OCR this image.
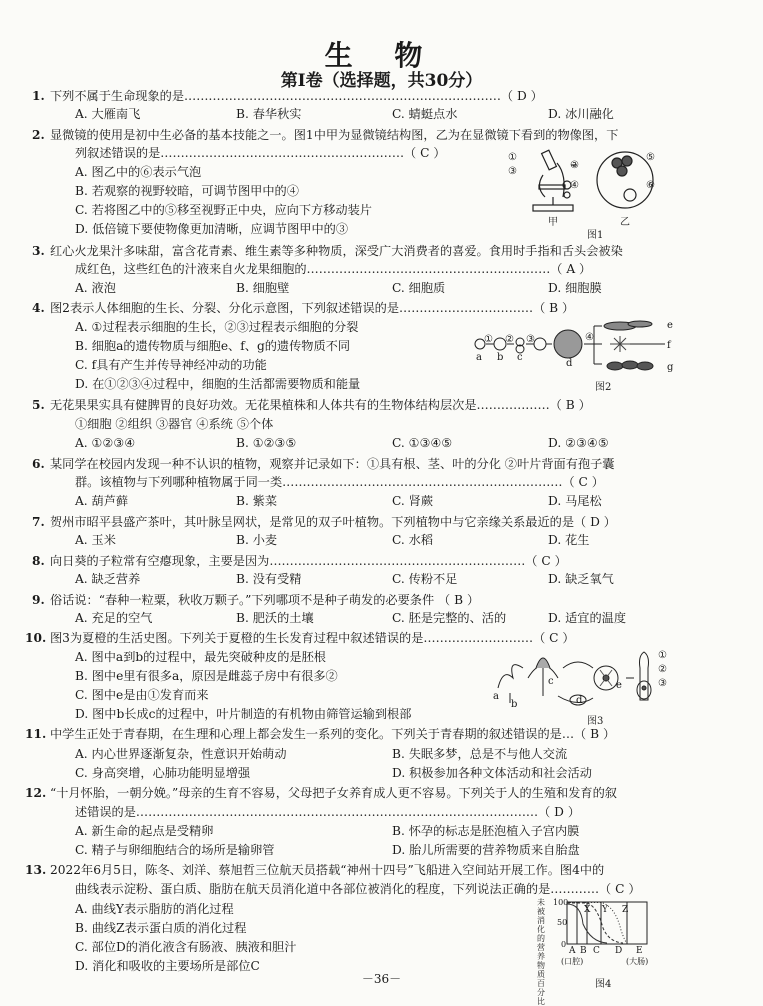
生 物
第Ⅰ卷（选择题，共30分）
1. 下列不属于生命现象的是……………………………………………………………………（ D ）
A. 大雁南飞	B. 春华秋实	C. 蜻蜓点水	D. 冰川融化
2. 显微镜的使用是初中生必备的基本技能之一。图1中甲为显微镜结构图，乙为在显微镜下看到的物像图，下
列叙述错误的是……………………………………………………（ C ）
A. 图乙中的⑥表示气泡
B. 若观察的视野较暗，可调节图甲中的④
C. 若将图乙中的⑤移至视野正中央，应向下方移动装片
D. 低倍镜下要使物像更加清晰，应调节图甲中的③
①
②
③
④
⑤
⑥
甲	乙
图1
3. 红心火龙果汁多味甜，富含花青素、维生素等多种物质，深受广大消费者的喜爱。食用时手指和舌头会被染
成红色，这些红色的汁液来自火龙果细胞的……………………………………………………（ A ）
A. 液泡	B. 细胞壁	C. 细胞质	D. 细胞膜
4. 图2表示人体细胞的生长、分裂、分化示意图，下列叙述错误的是……………………………（ B ）
A. ①过程表示细胞的生长，②③过程表示细胞的分裂
B. 细胞a的遗传物质与细胞e、f、g的遗传物质不同
C. f具有产生并传导神经冲动的功能
D. 在①②③④过程中，细胞的生活都需要物质和能量
a b c
d
e
f
g
① ② ③	④
图2
5. 无花果果实具有健脾胃的良好功效。无花果植株和人体共有的生物体结构层次是………………（ B ）
①细胞 ②组织 ③器官 ④系统 ⑤个体
A. ①②③④	B. ①②③⑤	C. ①③④⑤	D. ②③④⑤
6. 某同学在校园内发现一种不认识的植物，观察并记录如下：①具有根、茎、叶的分化 ②叶片背面有孢子囊
群。该植物与下列哪种植物属于同一类……………………………………………………………（ C ）
A. 葫芦藓	B. 紫菜	C. 肾蕨	D. 马尾松
7. 贺州市昭平县盛产茶叶，其叶脉呈网状，是常见的双子叶植物。下列植物中与它亲缘关系最近的是（ D ）
A. 玉米	B. 小麦	C. 水稻	D. 花生
8. 向日葵的子粒常有空瘪现象，主要是因为………………………………………………………（ C ）
A. 缺乏营养	B. 没有受精	C. 传粉不足	D. 缺乏氧气
9. 俗话说：“春种一粒粟，秋收万颗子。”下列哪项不是种子萌发的必要条件 （ B ）
A. 充足的空气	B. 肥沃的土壤	C. 胚是完整的、活的	D. 适宜的温度
10. 图3为夏橙的生活史图。下列关于夏橙的生长发育过程中叙述错误的是………………………（ C ）
A. 图中a到b的过程中，最先突破种皮的是胚根
B. 图中e里有很多a，原因是雌蕊子房中有很多②
C. 图中e是由①发育而来
D. 图中b长成c的过程中，叶片制造的有机物由筛管运输到根部
a
b
c
d
e
①
②
③
图3
11. 中学生正处于青春期，在生理和心理上都会发生一系列的变化。下列关于青春期的叙述错误的是…（ B ）
A. 内心世界逐渐复杂，性意识开始萌动	B. 失眠多梦，总是不与他人交流
C. 身高突增，心肺功能明显增强	D. 积极参加各种文体活动和社会活动
12. “十月怀胎，一朝分娩。”母亲的生育不容易，父母把子女养育成人更不容易。下列关于人的生殖和发育的叙
述错误的是………………………………………………………………………………………（ D ）
A. 新生命的起点是受精卵	B. 怀孕的标志是胚泡植入子宫内膜
C. 精子与卵细胞结合的场所是输卵管	D. 胎儿所需要的营养物质来自胎盘
13. 2022年6月5日，陈冬、刘洋、蔡旭哲三位航天员搭载“神州十四号”飞船进入空间站开展工作。图4中的
曲线表示淀粉、蛋白质、脂肪在航天员消化道中各部位被消化的程度，下列说法正确的是…………（ C ）
A. 曲线Y表示脂肪的消化过程
B. 曲线Z表示蛋白质的消化过程
C. 部位D的消化液含有肠液、胰液和胆汁
D. 消化和吸收的主要场所是部位C
未被消化的营养物质百分比
100
50
0
X Y Z
A B C D E
(口腔)	(大肠)
图4
－36－
